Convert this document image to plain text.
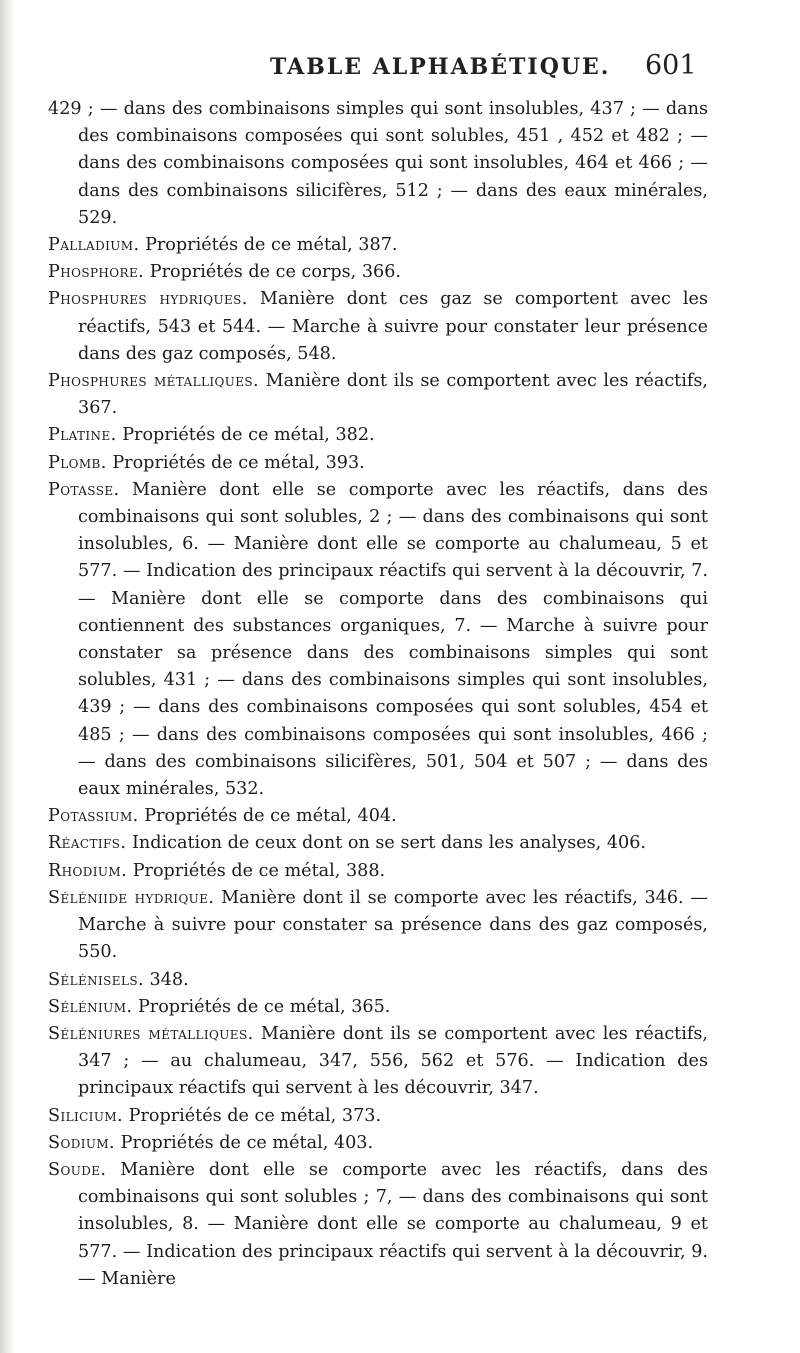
TABLE ALPHABÉTIQUE. 601

429 ; — dans des combinaisons simples qui sont insolubles, 437 ; — dans des combinaisons composées qui sont solubles, 451 , 452 et 482 ; — dans des combinaisons composées qui sont insolubles, 464 et 466 ; — dans des combinaisons silicifères, 512 ; — dans des eaux minérales, 529.

Palladium. Propriétés de ce métal, 387.

Phosphore. Propriétés de ce corps, 366.

Phosphures hydriques. Manière dont ces gaz se comportent avec les réactifs, 543 et 544. — Marche à suivre pour constater leur présence dans des gaz composés, 548.

Phosphures métalliques. Manière dont ils se comportent avec les réactifs, 367.

Platine. Propriétés de ce métal, 382.

Plomb. Propriétés de ce métal, 393.

Potasse. Manière dont elle se comporte avec les réactifs, dans des combinaisons qui sont solubles, 2 ; — dans des combinaisons qui sont insolubles, 6. — Manière dont elle se comporte au chalumeau, 5 et 577. — Indication des principaux réactifs qui servent à la découvrir, 7. — Manière dont elle se comporte dans des combinaisons qui contiennent des substances organiques, 7. — Marche à suivre pour constater sa présence dans des combinaisons simples qui sont solubles, 431 ; — dans des combinaisons simples qui sont insolubles, 439 ; — dans des combinaisons composées qui sont solubles, 454 et 485 ; — dans des combinaisons composées qui sont insolubles, 466 ; — dans des combinaisons silicifères, 501, 504 et 507 ; — dans des eaux minérales, 532.

Potassium. Propriétés de ce métal, 404.

Réactifs. Indication de ceux dont on se sert dans les analyses, 406.

Rhodium. Propriétés de ce métal, 388.

Séléniide hydrique. Manière dont il se comporte avec les réactifs, 346. — Marche à suivre pour constater sa présence dans des gaz composés, 550.

Sélénisels. 348.

Sélénium. Propriétés de ce métal, 365.

Séléniures métalliques. Manière dont ils se comportent avec les réactifs, 347 ; — au chalumeau, 347, 556, 562 et 576. — Indication des principaux réactifs qui servent à les découvrir, 347.

Silicium. Propriétés de ce métal, 373.

Sodium. Propriétés de ce métal, 403.

Soude. Manière dont elle se comporte avec les réactifs, dans des combinaisons qui sont solubles ; 7, — dans des combinaisons qui sont insolubles, 8. — Manière dont elle se comporte au chalumeau, 9 et 577. — Indication des principaux réactifs qui servent à la découvrir, 9. — Manière
